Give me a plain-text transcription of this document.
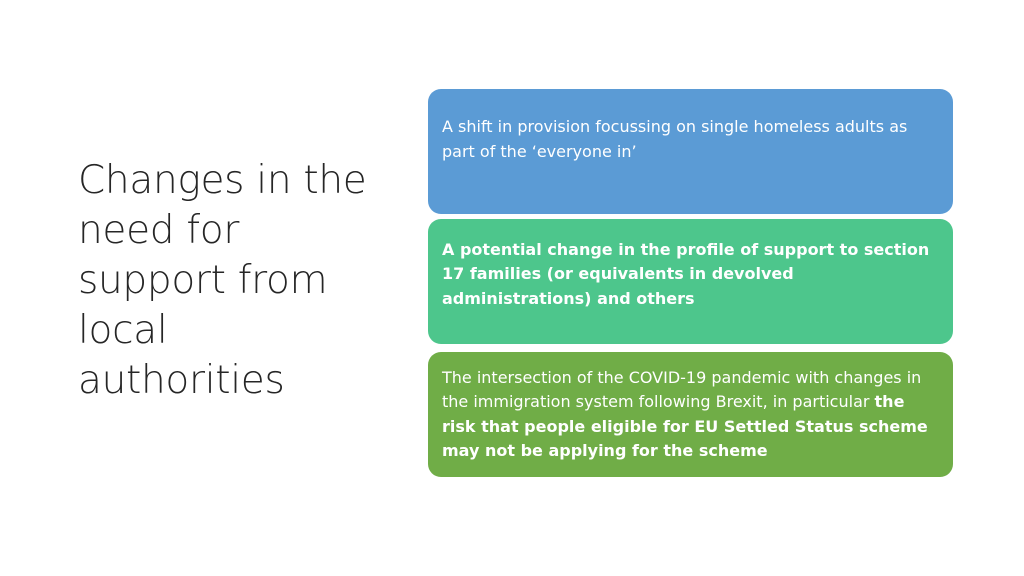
Changes in the need for support from local authorities

A shift in provision focussing on single homeless adults as part of the ‘everyone in’

A potential change in the profile of support to section 17 families (or equivalents in devolved administrations) and others

The intersection of the COVID-19 pandemic with changes in the immigration system following Brexit, in particular the risk that people eligible for EU Settled Status scheme may not be applying for the scheme
